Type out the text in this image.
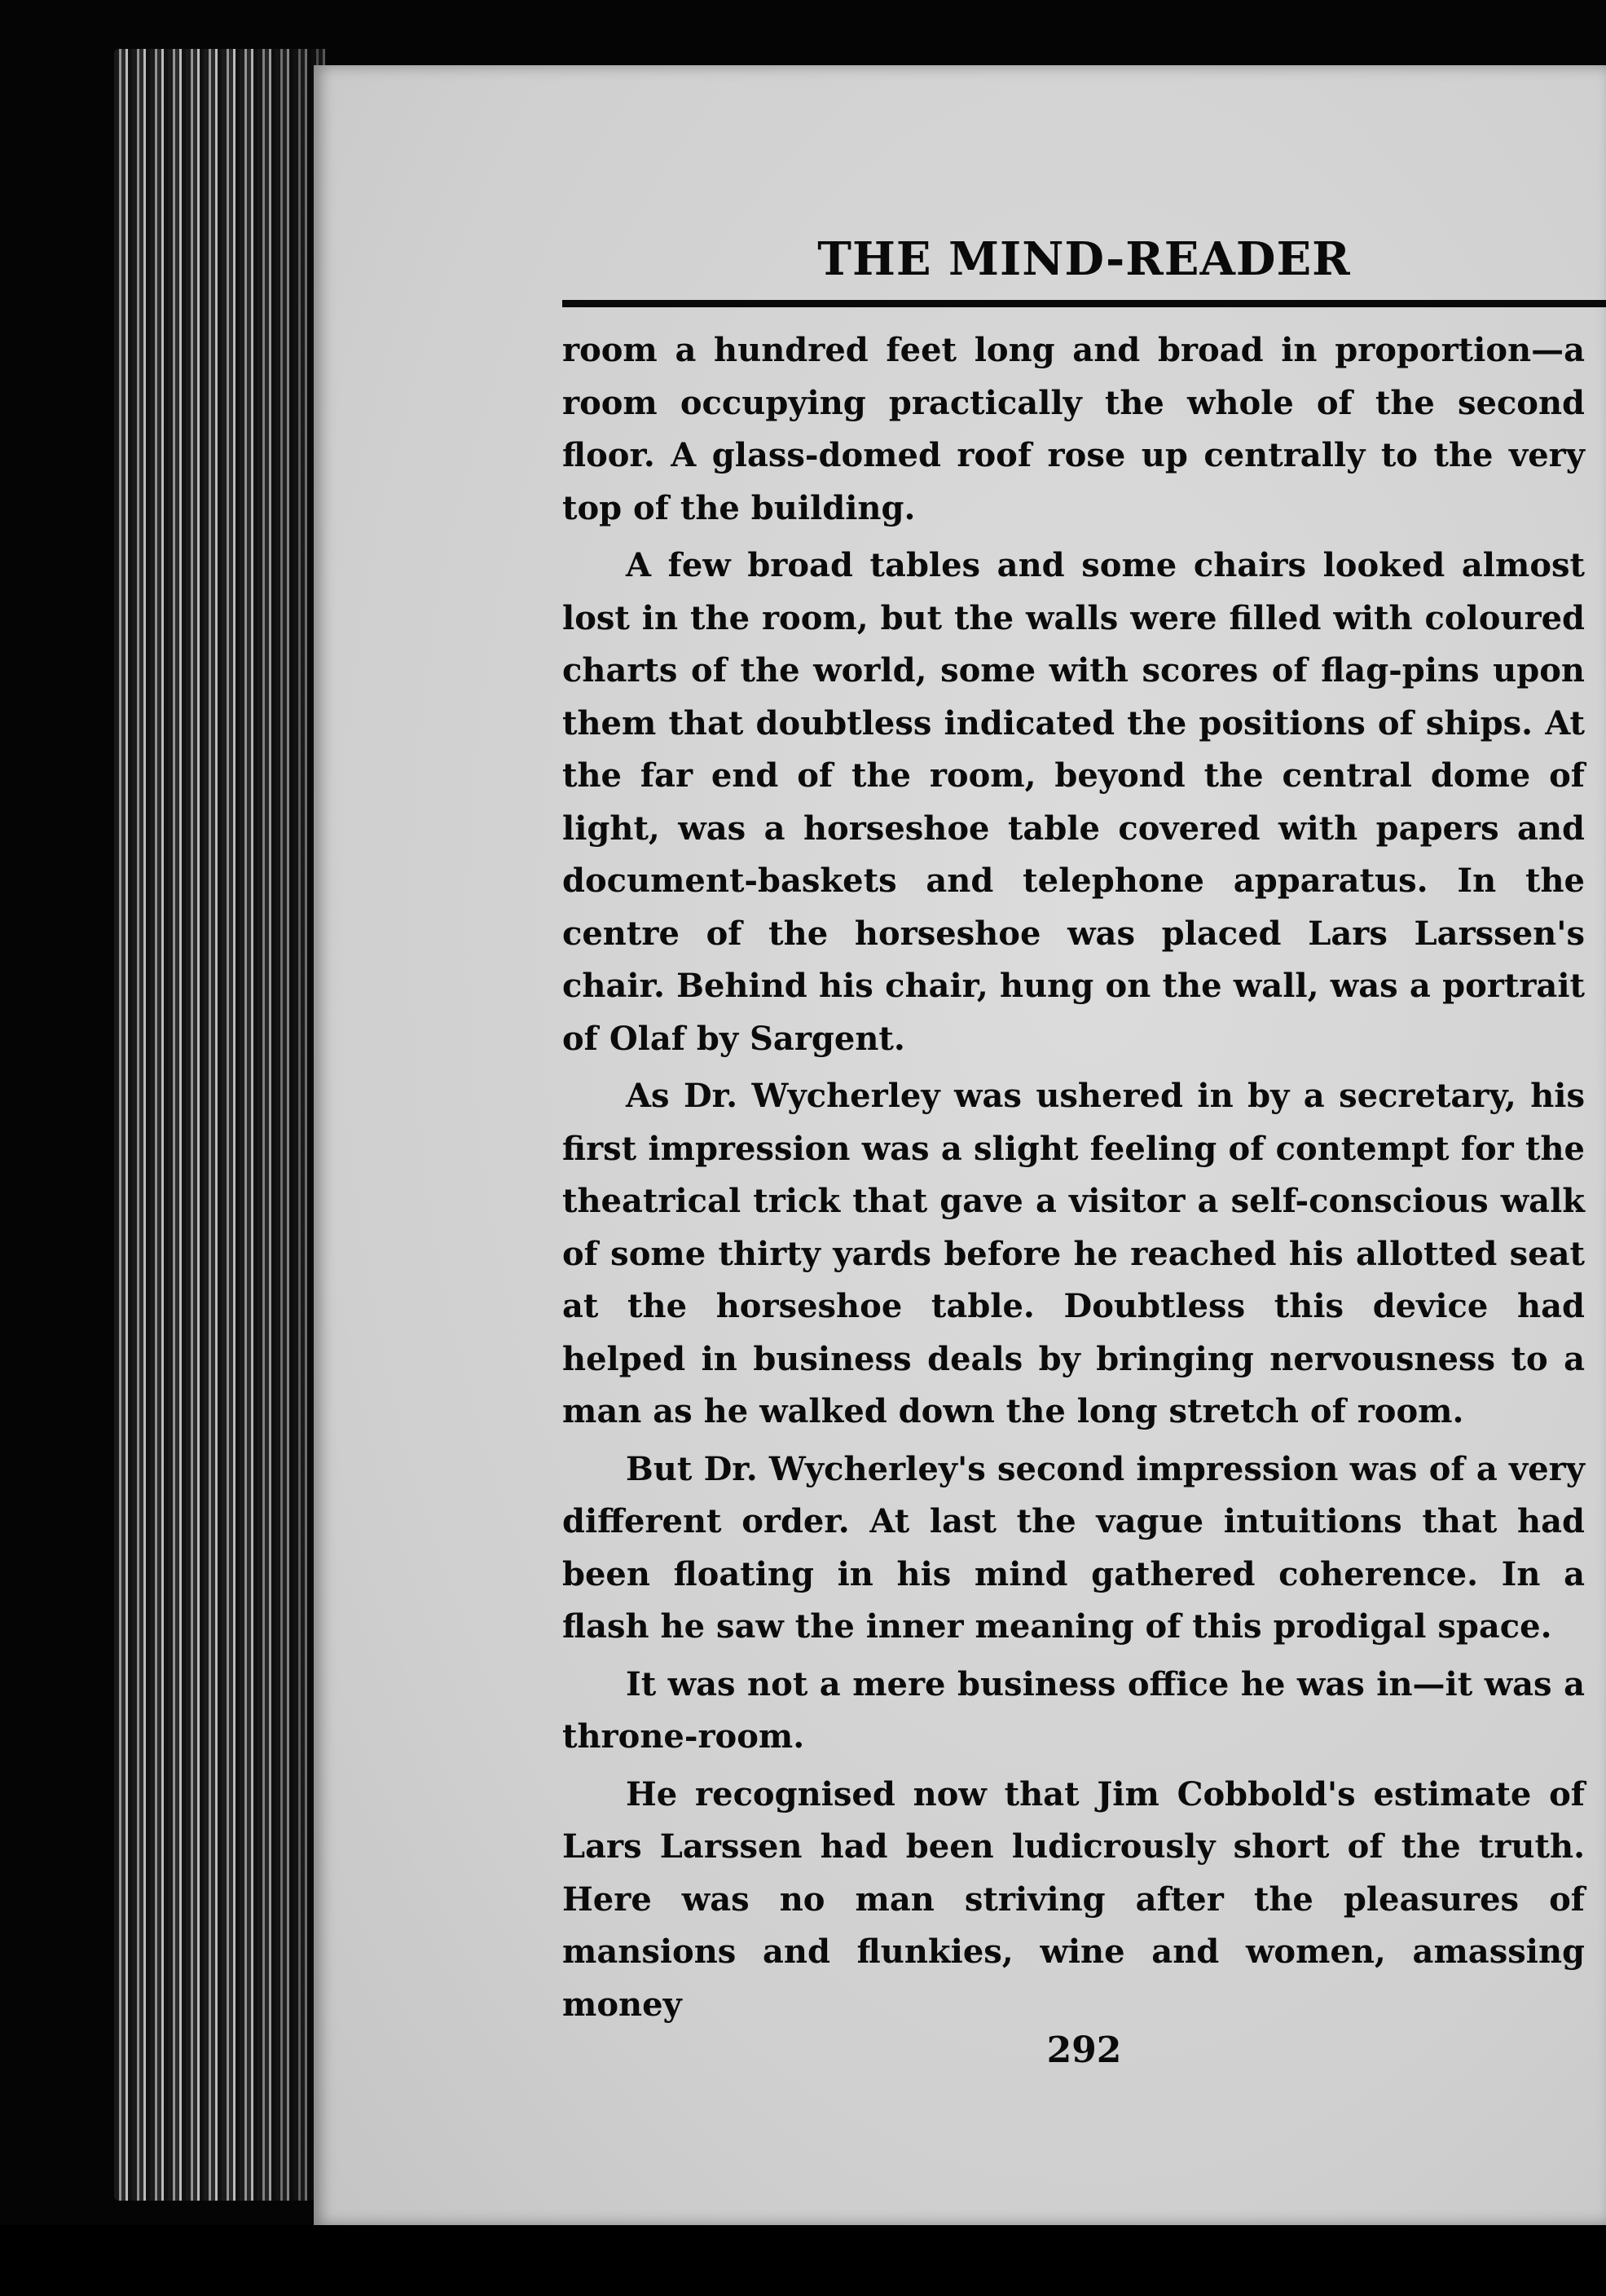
THE MIND-READER

room a hundred feet long and broad in proportion—a room occupying practically the whole of the second floor. A glass-domed roof rose up centrally to the very top of the building.

A few broad tables and some chairs looked almost lost in the room, but the walls were filled with coloured charts of the world, some with scores of flag-pins upon them that doubtless indicated the positions of ships. At the far end of the room, beyond the central dome of light, was a horseshoe table covered with papers and document-baskets and telephone apparatus. In the centre of the horseshoe was placed Lars Larssen's chair. Behind his chair, hung on the wall, was a portrait of Olaf by Sargent.

As Dr. Wycherley was ushered in by a secretary, his first impression was a slight feeling of contempt for the theatrical trick that gave a visitor a self-conscious walk of some thirty yards before he reached his allotted seat at the horseshoe table. Doubtless this device had helped in business deals by bringing nervousness to a man as he walked down the long stretch of room.

But Dr. Wycherley's second impression was of a very different order. At last the vague intuitions that had been floating in his mind gathered coherence. In a flash he saw the inner meaning of this prodigal space.

It was not a mere business office he was in—it was a throne-room.

He recognised now that Jim Cobbold's estimate of Lars Larssen had been ludicrously short of the truth. Here was no man striving after the pleasures of mansions and flunkies, wine and women, amassing money

292
